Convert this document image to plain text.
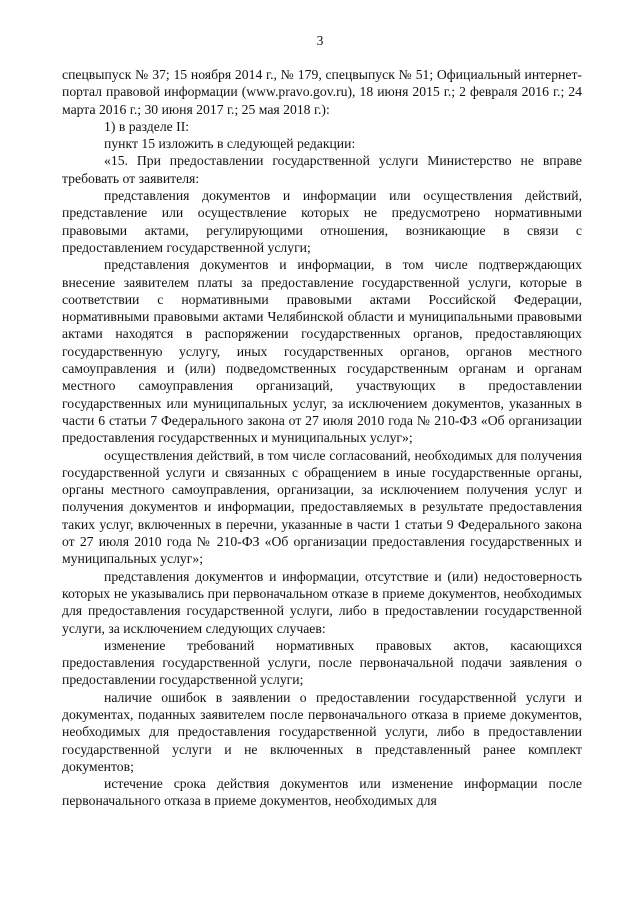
3

спецвыпуск № 37; 15 ноября 2014 г., № 179, спецвыпуск № 51; Официальный интернет-портал правовой информации (www.pravo.gov.ru), 18 июня 2015 г.; 2 февраля 2016 г.; 24 марта 2016 г.; 30 июня 2017 г.; 25 мая 2018 г.):

1) в разделе II:

пункт 15 изложить в следующей редакции:

«15. При предоставлении государственной услуги Министерство не вправе требовать от заявителя:

представления документов и информации или осуществления действий, представление или осуществление которых не предусмотрено нормативными правовыми актами, регулирующими отношения, возникающие в связи с предоставлением государственной услуги;

представления документов и информации, в том числе подтверждающих внесение заявителем платы за предоставление государственной услуги, которые в соответствии с нормативными правовыми актами Российской Федерации, нормативными правовыми актами Челябинской области и муниципальными правовыми актами находятся в распоряжении государственных органов, предоставляющих государственную услугу, иных государственных органов, органов местного самоуправления и (или) подведомственных государственным органам и органам местного самоуправления организаций, участвующих в предоставлении государственных или муниципальных услуг, за исключением документов, указанных в части 6 статьи 7 Федерального закона от 27 июля 2010 года № 210-ФЗ «Об организации предоставления государственных и муниципальных услуг»;

осуществления действий, в том числе согласований, необходимых для получения государственной услуги и связанных с обращением в иные государственные органы, органы местного самоуправления, организации, за исключением получения услуг и получения документов и информации, предоставляемых в результате предоставления таких услуг, включенных в перечни, указанные в части 1 статьи 9 Федерального закона от 27 июля 2010 года № 210-ФЗ «Об организации предоставления государственных и муниципальных услуг»;

представления документов и информации, отсутствие и (или) недостоверность которых не указывались при первоначальном отказе в приеме документов, необходимых для предоставления государственной услуги, либо в предоставлении государственной услуги, за исключением следующих случаев:

изменение требований нормативных правовых актов, касающихся предоставления государственной услуги, после первоначальной подачи заявления о предоставлении государственной услуги;

наличие ошибок в заявлении о предоставлении государственной услуги и документах, поданных заявителем после первоначального отказа в приеме документов, необходимых для предоставления государственной услуги, либо в предоставлении государственной услуги и не включенных в представленный ранее комплект документов;

истечение срока действия документов или изменение информации после первоначального отказа в приеме документов, необходимых для
